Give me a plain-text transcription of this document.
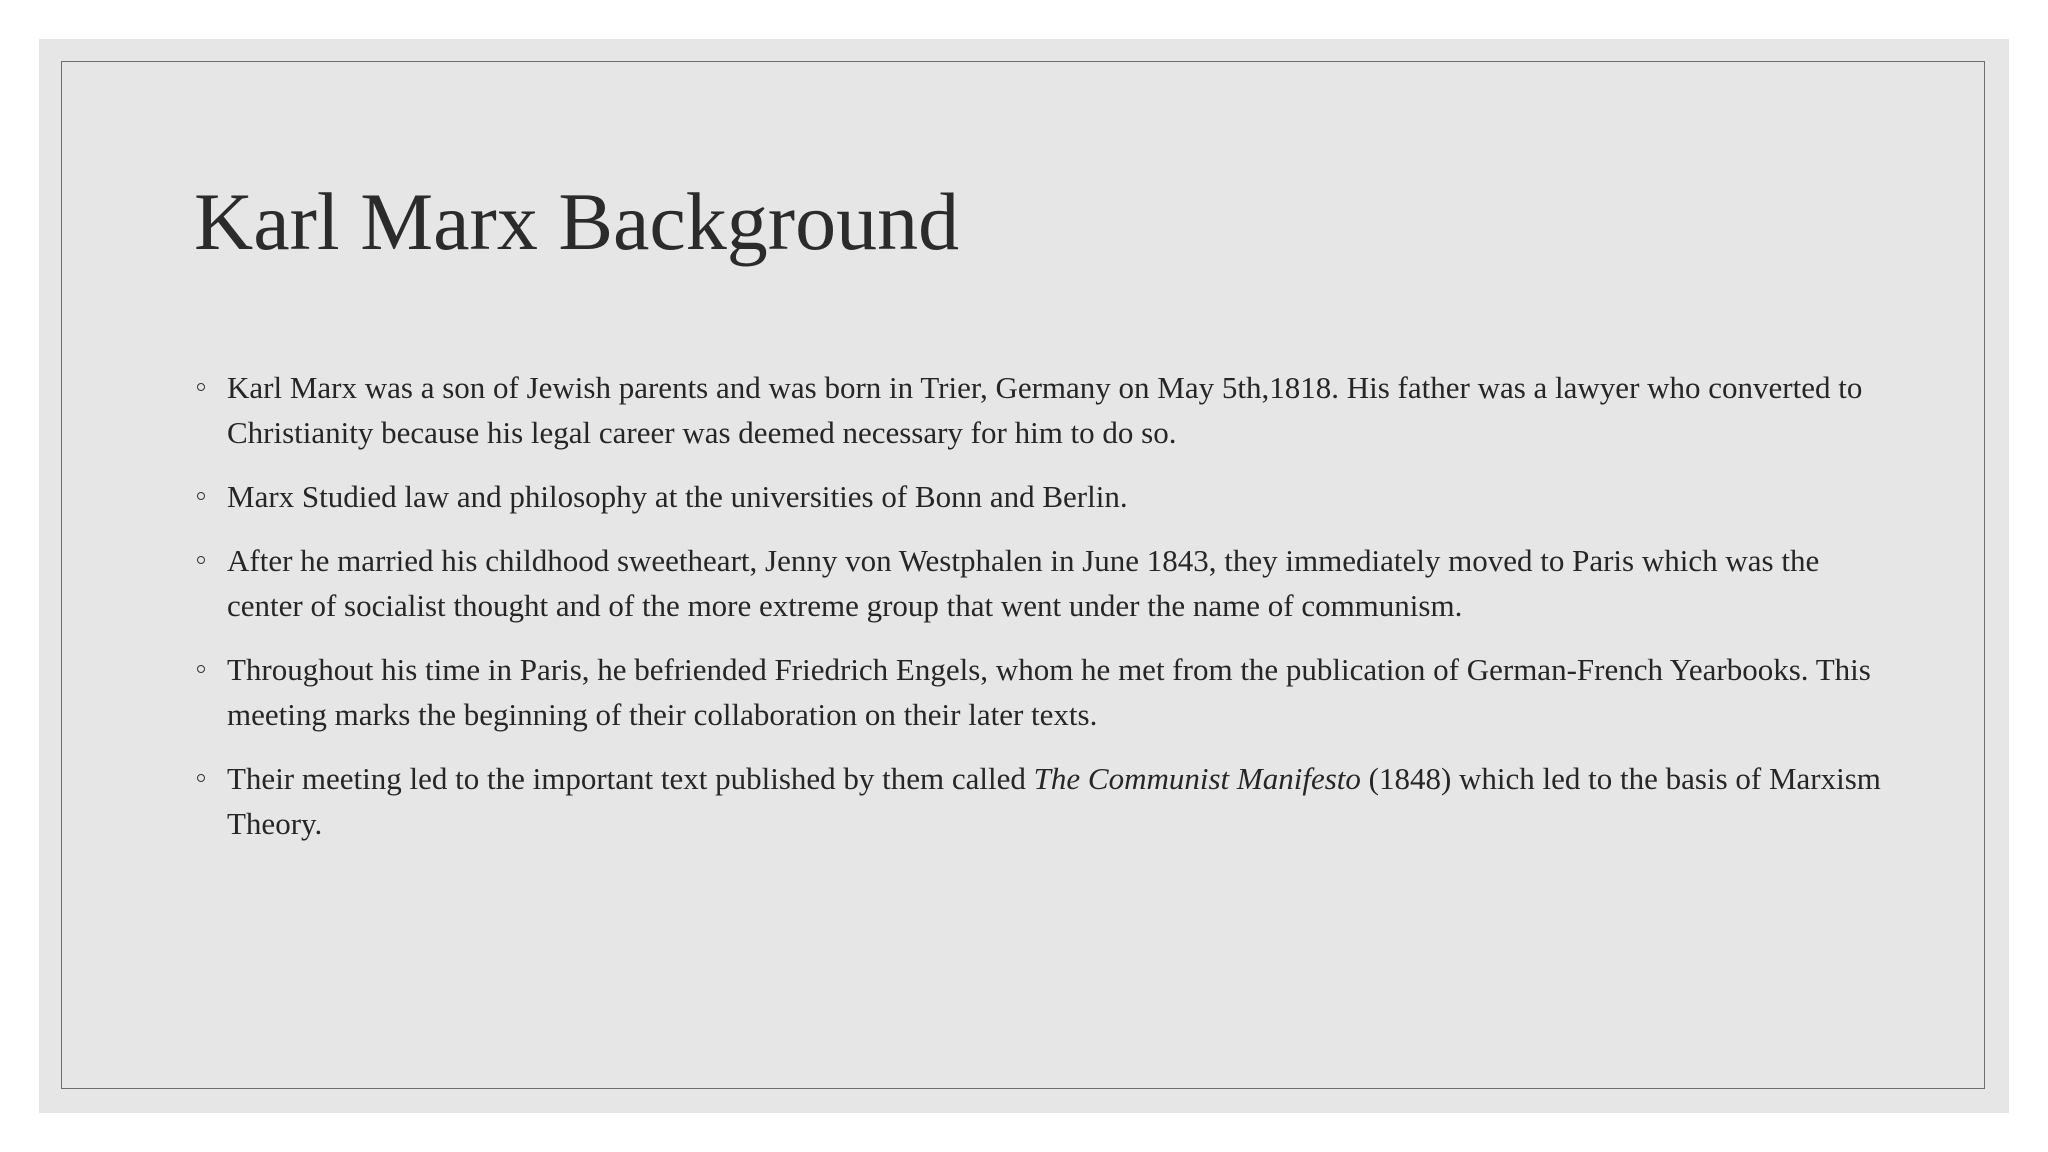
Karl Marx Background
Karl Marx was a son of Jewish parents and was born in Trier, Germany on May 5th,1818. His father was a lawyer who converted to Christianity because his legal career was deemed necessary for him to do so.
Marx Studied law and philosophy at the universities of Bonn and Berlin.
After he married his childhood sweetheart, Jenny von Westphalen in June 1843, they immediately moved to Paris which was the center of socialist thought and of the more extreme group that went under the name of communism.
Throughout his time in Paris, he befriended Friedrich Engels, whom he met from the publication of German-French Yearbooks. This meeting marks the beginning of their collaboration on their later texts.
Their meeting led to the important text published by them called The Communist Manifesto (1848) which led to the basis of Marxism Theory.
